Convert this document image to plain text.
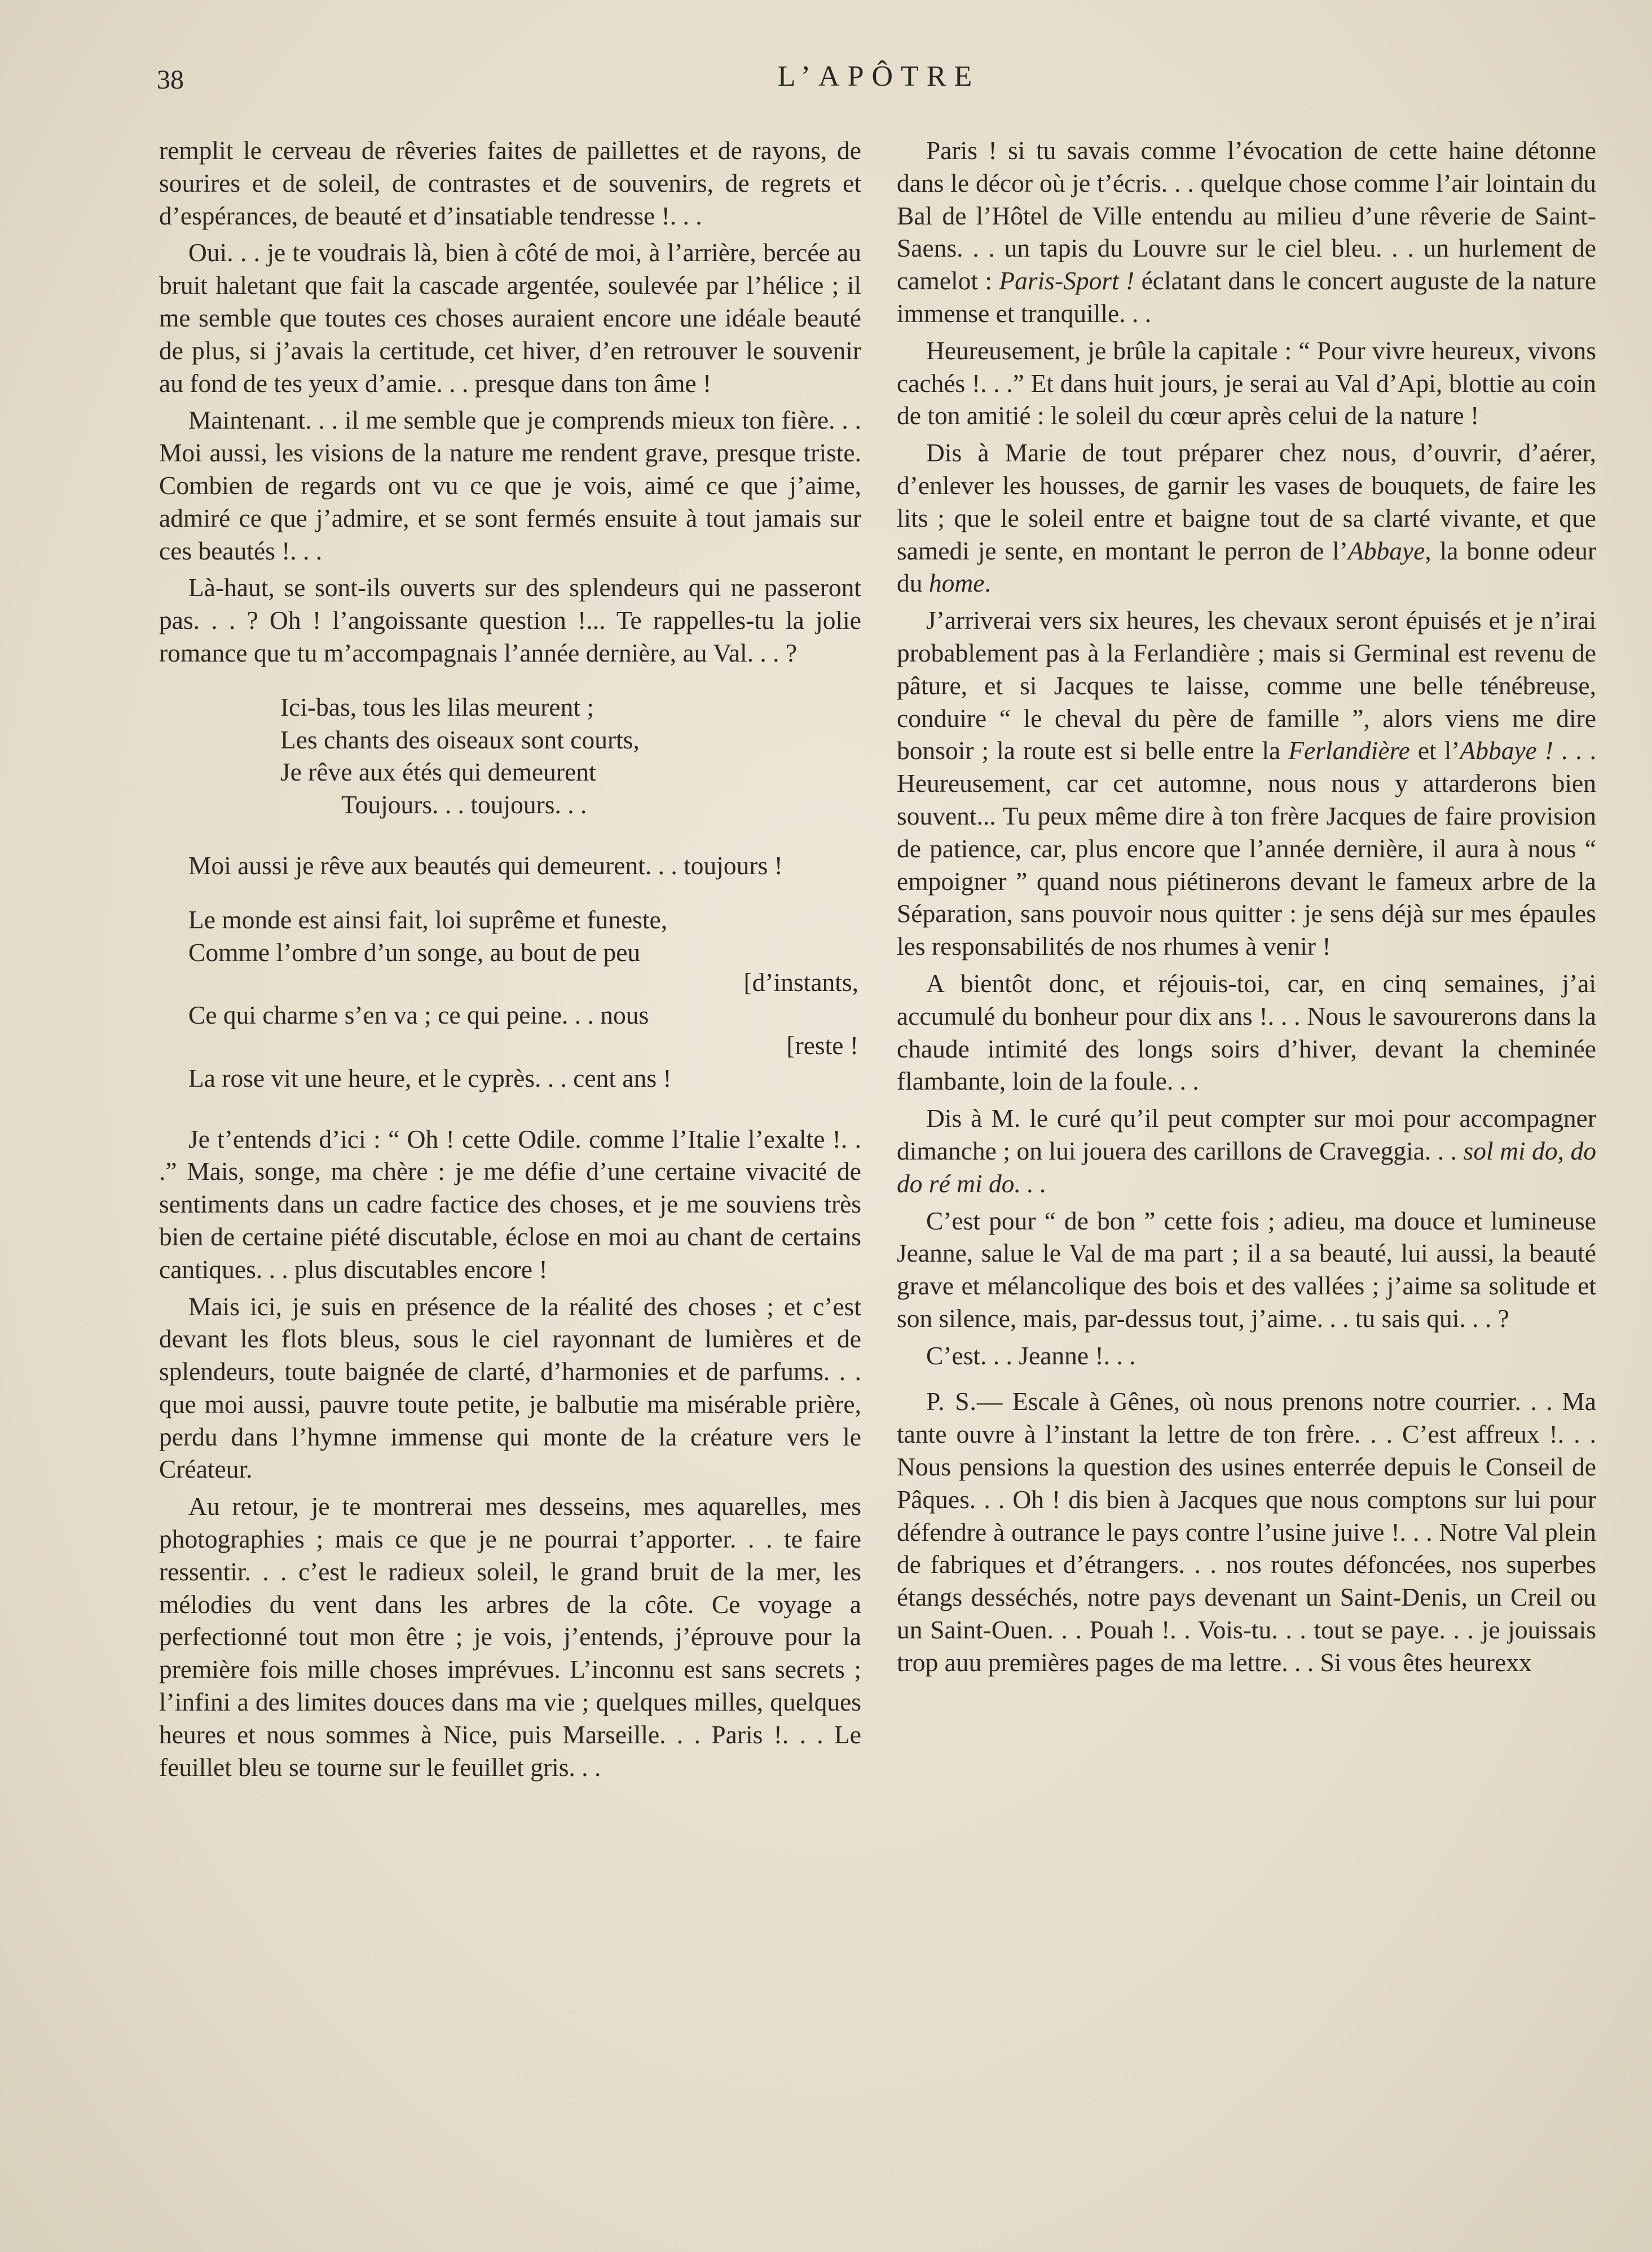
38	L’APÔTRE

remplit le cerveau de rêveries faites de paillettes et de rayons, de sourires et de soleil, de contrastes et de souvenirs, de regrets et d’espérances, de beauté et d’insatiable tendresse !. . .

Oui. . . je te voudrais là, bien à côté de moi, à l’arrière, bercée au bruit haletant que fait la cascade argentée, soulevée par l’hélice ; il me semble que toutes ces choses auraient encore une idéale beauté de plus, si j’avais la certitude, cet hiver, d’en retrouver le souvenir au fond de tes yeux d’amie. . . presque dans ton âme !

Maintenant. . . il me semble que je comprends mieux ton fière. . . Moi aussi, les visions de la nature me rendent grave, presque triste. Combien de regards ont vu ce que je vois, aimé ce que j’aime, admiré ce que j’admire, et se sont fermés ensuite à tout jamais sur ces beautés !. . .

Là-haut, se sont-ils ouverts sur des splendeurs qui ne passeront pas. . . ? Oh ! l’angoissante question !... Te rappelles-tu la jolie romance que tu m’accompagnais l’année dernière, au Val. . . ?

Ici-bas, tous les lilas meurent ;
Les chants des oiseaux sont courts,
Je rêve aux étés qui demeurent
Toujours. . . toujours. . .

Moi aussi je rêve aux beautés qui demeurent. . . toujours !

Le monde est ainsi fait, loi suprême et funeste,
Comme l’ombre d’un songe, au bout de peu
[d’instants,
Ce qui charme s’en va ; ce qui peine. . . nous
[reste !
La rose vit une heure, et le cyprès. . . cent ans !

Je t’entends d’ici : “ Oh ! cette Odile. comme l’Italie l’exalte !. . .” Mais, songe, ma chère : je me défie d’une certaine vivacité de sentiments dans un cadre factice des choses, et je me souviens très bien de certaine piété discutable, éclose en moi au chant de certains cantiques. . . plus discutables encore !

Mais ici, je suis en présence de la réalité des choses ; et c’est devant les flots bleus, sous le ciel rayonnant de lumières et de splendeurs, toute baignée de clarté, d’harmonies et de parfums. . . que moi aussi, pauvre toute petite, je balbutie ma misérable prière, perdu dans l’hymne immense qui monte de la créature vers le Créateur.

Au retour, je te montrerai mes desseins, mes aquarelles, mes photographies ; mais ce que je ne pourrai t’apporter. . . te faire ressentir. . . c’est le radieux soleil, le grand bruit de la mer, les mélodies du vent dans les arbres de la côte. Ce voyage a perfectionné tout mon être ; je vois, j’entends, j’éprouve pour la première fois mille choses imprévues. L’inconnu est sans secrets ; l’infini a des limites douces dans ma vie ; quelques milles, quelques heures et nous sommes à Nice, puis Marseille. . . Paris !. . . Le feuillet bleu se tourne sur le feuillet gris. . .

Paris ! si tu savais comme l’évocation de cette haine détonne dans le décor où je t’écris. . . quelque chose comme l’air lointain du Bal de l’Hôtel de Ville entendu au milieu d’une rêverie de Saint-Saens. . . un tapis du Louvre sur le ciel bleu. . . un hurlement de camelot : Paris-Sport ! éclatant dans le concert auguste de la nature immense et tranquille. . .

Heureusement, je brûle la capitale : “ Pour vivre heureux, vivons cachés !. . .” Et dans huit jours, je serai au Val d’Api, blottie au coin de ton amitié : le soleil du cœur après celui de la nature !

Dis à Marie de tout préparer chez nous, d’ouvrir, d’aérer, d’enlever les housses, de garnir les vases de bouquets, de faire les lits ; que le soleil entre et baigne tout de sa clarté vivante, et que samedi je sente, en montant le perron de l’Abbaye, la bonne odeur du home.

J’arriverai vers six heures, les chevaux seront épuisés et je n’irai probablement pas à la Ferlandière ; mais si Germinal est revenu de pâture, et si Jacques te laisse, comme une belle ténébreuse, conduire “ le cheval du père de famille ”, alors viens me dire bonsoir ; la route est si belle entre la Ferlandière et l’Abbaye ! . . . Heureusement, car cet automne, nous nous y attarderons bien souvent... Tu peux même dire à ton frère Jacques de faire provision de patience, car, plus encore que l’année dernière, il aura à nous “ empoigner ” quand nous piétinerons devant le fameux arbre de la Séparation, sans pouvoir nous quitter : je sens déjà sur mes épaules les responsabilités de nos rhumes à venir !

A bientôt donc, et réjouis-toi, car, en cinq semaines, j’ai accumulé du bonheur pour dix ans !. . . Nous le savourerons dans la chaude intimité des longs soirs d’hiver, devant la cheminée flambante, loin de la foule. . .

Dis à M. le curé qu’il peut compter sur moi pour accompagner dimanche ; on lui jouera des carillons de Craveggia. . . sol mi do, do do ré mi do. . .

C’est pour “ de bon ” cette fois ; adieu, ma douce et lumineuse Jeanne, salue le Val de ma part ; il a sa beauté, lui aussi, la beauté grave et mélancolique des bois et des vallées ; j’aime sa solitude et son silence, mais, par-dessus tout, j’aime. . . tu sais qui. . . ?

C’est. . . Jeanne !. . .

P. S.— Escale à Gênes, où nous prenons notre courrier. . . Ma tante ouvre à l’instant la lettre de ton frère. . . C’est affreux !. . . Nous pensions la question des usines enterrée depuis le Conseil de Pâques. . . Oh ! dis bien à Jacques que nous comptons sur lui pour défendre à outrance le pays contre l’usine juive !. . . Notre Val plein de fabriques et d’étrangers. . . nos routes défoncées, nos superbes étangs desséchés, notre pays devenant un Saint-Denis, un Creil ou un Saint-Ouen. . . Pouah !. . Vois-tu. . . tout se paye. . . je jouissais trop auu premières pages de ma lettre. . . Si vous êtes heurexx
